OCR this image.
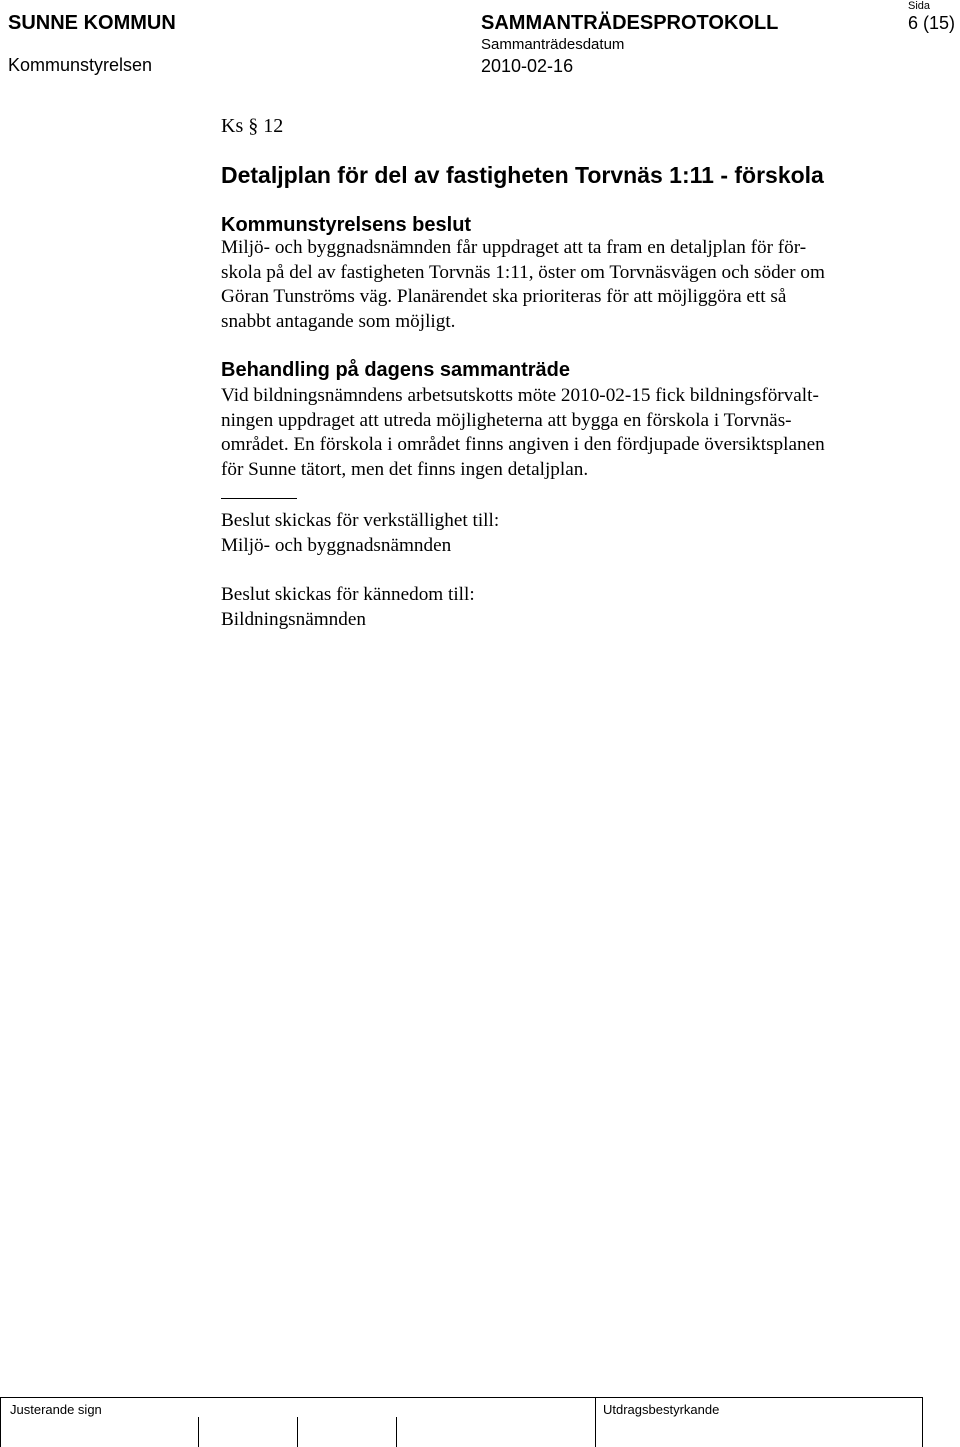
SUNNE KOMMUN
Kommunstyrelsen
SAMMANTRÄDESPROTOKOLL
Sammanträdesdatum
2010-02-16
Sida
6 (15)
Ks § 12
Detaljplan för del av fastigheten Torvnäs 1:11 - förskola
Kommunstyrelsens beslut
Miljö- och byggnadsnämnden får uppdraget att ta fram en detaljplan för för-
skola på del av fastigheten Torvnäs 1:11, öster om Torvnäsvägen och söder om
Göran Tunströms väg. Planärendet ska prioriteras för att möjliggöra ett så
snabbt antagande som möjligt.
Behandling på dagens sammanträde
Vid bildningsnämndens arbetsutskotts möte 2010-02-15 fick bildningsförvalt-
ningen uppdraget att utreda möjligheterna att bygga en förskola i Torvnäs-
området. En förskola i området finns angiven i den fördjupade översiktsplanen
för Sunne tätort, men det finns ingen detaljplan.
Beslut skickas för verkställighet till:
Miljö- och byggnadsnämnden
Beslut skickas för kännedom till:
Bildningsnämnden
Justerande sign	Utdragsbestyrkande
